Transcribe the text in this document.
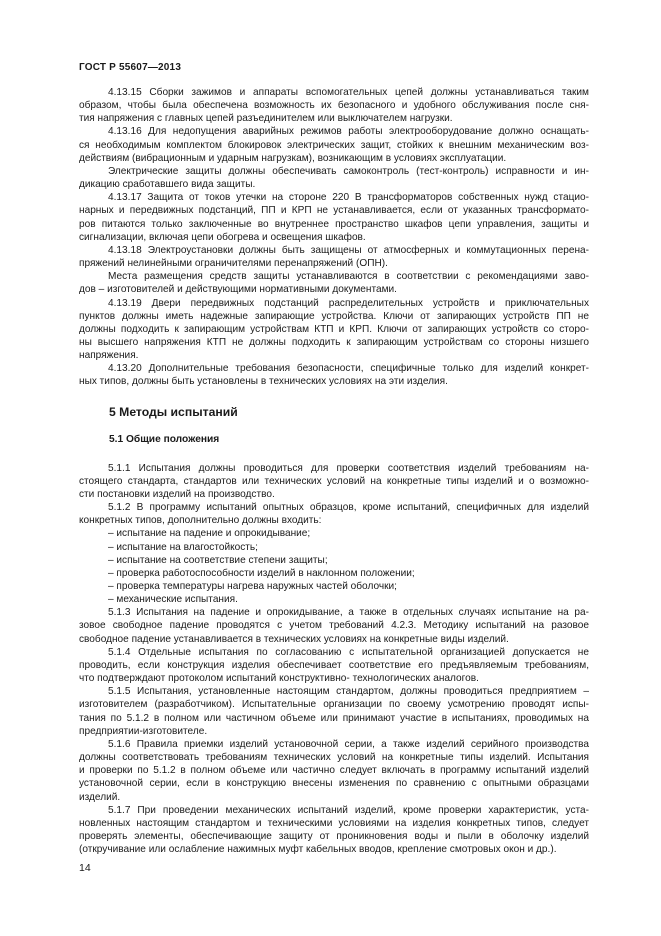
ГОСТ Р 55607—2013
4.13.15 Сборки зажимов и аппараты вспомогательных цепей должны устанавливаться таким
образом, чтобы была обеспечена возможность их безопасного и удобного обслуживания после сня-
тия напряжения с главных цепей разъединителем или выключателем нагрузки.
4.13.16 Для недопущения аварийных режимов работы электрооборудование должно оснащать-
ся необходимым комплектом блокировок электрических защит, стойких к внешним механическим воз-
действиям (вибрационным и ударным нагрузкам), возникающим в условиях эксплуатации.
Электрические защиты должны обеспечивать самоконтроль (тест-контроль) исправности и ин-
дикацию сработавшего вида защиты.
4.13.17 Защита от токов утечки на стороне 220 В трансформаторов собственных нужд стацио-
нарных и передвижных подстанций, ПП и КРП не устанавливается, если от указанных трансформато-
ров питаются только заключенные во внутреннее пространство шкафов цепи управления, защиты и
сигнализации, включая цепи обогрева и освещения шкафов.
4.13.18 Электроустановки должны быть защищены от атмосферных и коммутационных перена-
пряжений нелинейными ограничителями перенапряжений (ОПН).
Места размещения средств защиты устанавливаются в соответствии с рекомендациями заво-
дов – изготовителей и действующими нормативными документами.
4.13.19 Двери передвижных подстанций распределительных устройств и приключательных
пунктов должны иметь надежные запирающие устройства. Ключи от запирающих устройств ПП не
должны подходить к запирающим устройствам КТП и КРП. Ключи от запирающих устройств со сторо-
ны высшего напряжения КТП не должны подходить к запирающим устройствам со стороны низшего
напряжения.
4.13.20 Дополнительные требования безопасности, специфичные только для изделий конкрет-
ных типов, должны быть установлены в технических условиях на эти изделия.
5 Методы испытаний
5.1 Общие положения
5.1.1 Испытания должны проводиться для проверки соответствия изделий требованиям на-
стоящего стандарта, стандартов или технических условий на конкретные типы изделий и о возможно-
сти постановки изделий на производство.
5.1.2 В программу испытаний опытных образцов, кроме испытаний, специфичных для изделий
конкретных типов, дополнительно должны входить:
– испытание на падение и опрокидывание;
– испытание на влагостойкость;
– испытание на соответствие степени защиты;
– проверка работоспособности изделий в наклонном положении;
– проверка температуры нагрева наружных частей оболочки;
– механические испытания.
5.1.3 Испытания на падение и опрокидывание, а также в отдельных случаях испытание на ра-
зовое свободное падение проводятся с учетом требований 4.2.3. Методику испытаний на разовое
свободное падение устанавливается в технических условиях на конкретные виды изделий.
5.1.4 Отдельные испытания по согласованию с испытательной организацией допускается не
проводить, если конструкция изделия обеспечивает соответствие его предъявляемым требованиям,
что подтверждают протоколом испытаний конструктивно- технологических аналогов.
5.1.5 Испытания, установленные настоящим стандартом, должны проводиться предприятием –
изготовителем (разработчиком). Испытательные организации по своему усмотрению проводят испы-
тания по 5.1.2 в полном или частичном объеме или принимают участие в испытаниях, проводимых на
предприятии-изготовителе.
5.1.6 Правила приемки изделий установочной серии, а также изделий серийного производства
должны соответствовать требованиям технических условий на конкретные типы изделий. Испытания
и проверки по 5.1.2 в полном объеме или частично следует включать в программу испытаний изделий
установочной серии, если в конструкцию внесены изменения по сравнению с опытными образцами
изделий.
5.1.7 При проведении механических испытаний изделий, кроме проверки характеристик, уста-
новленных настоящим стандартом и техническими условиями на изделия конкретных типов, следует
проверять элементы, обеспечивающие защиту от проникновения воды и пыли в оболочку изделий
(откручивание или ослабление нажимных муфт кабельных вводов, крепление смотровых окон и др.).
14
